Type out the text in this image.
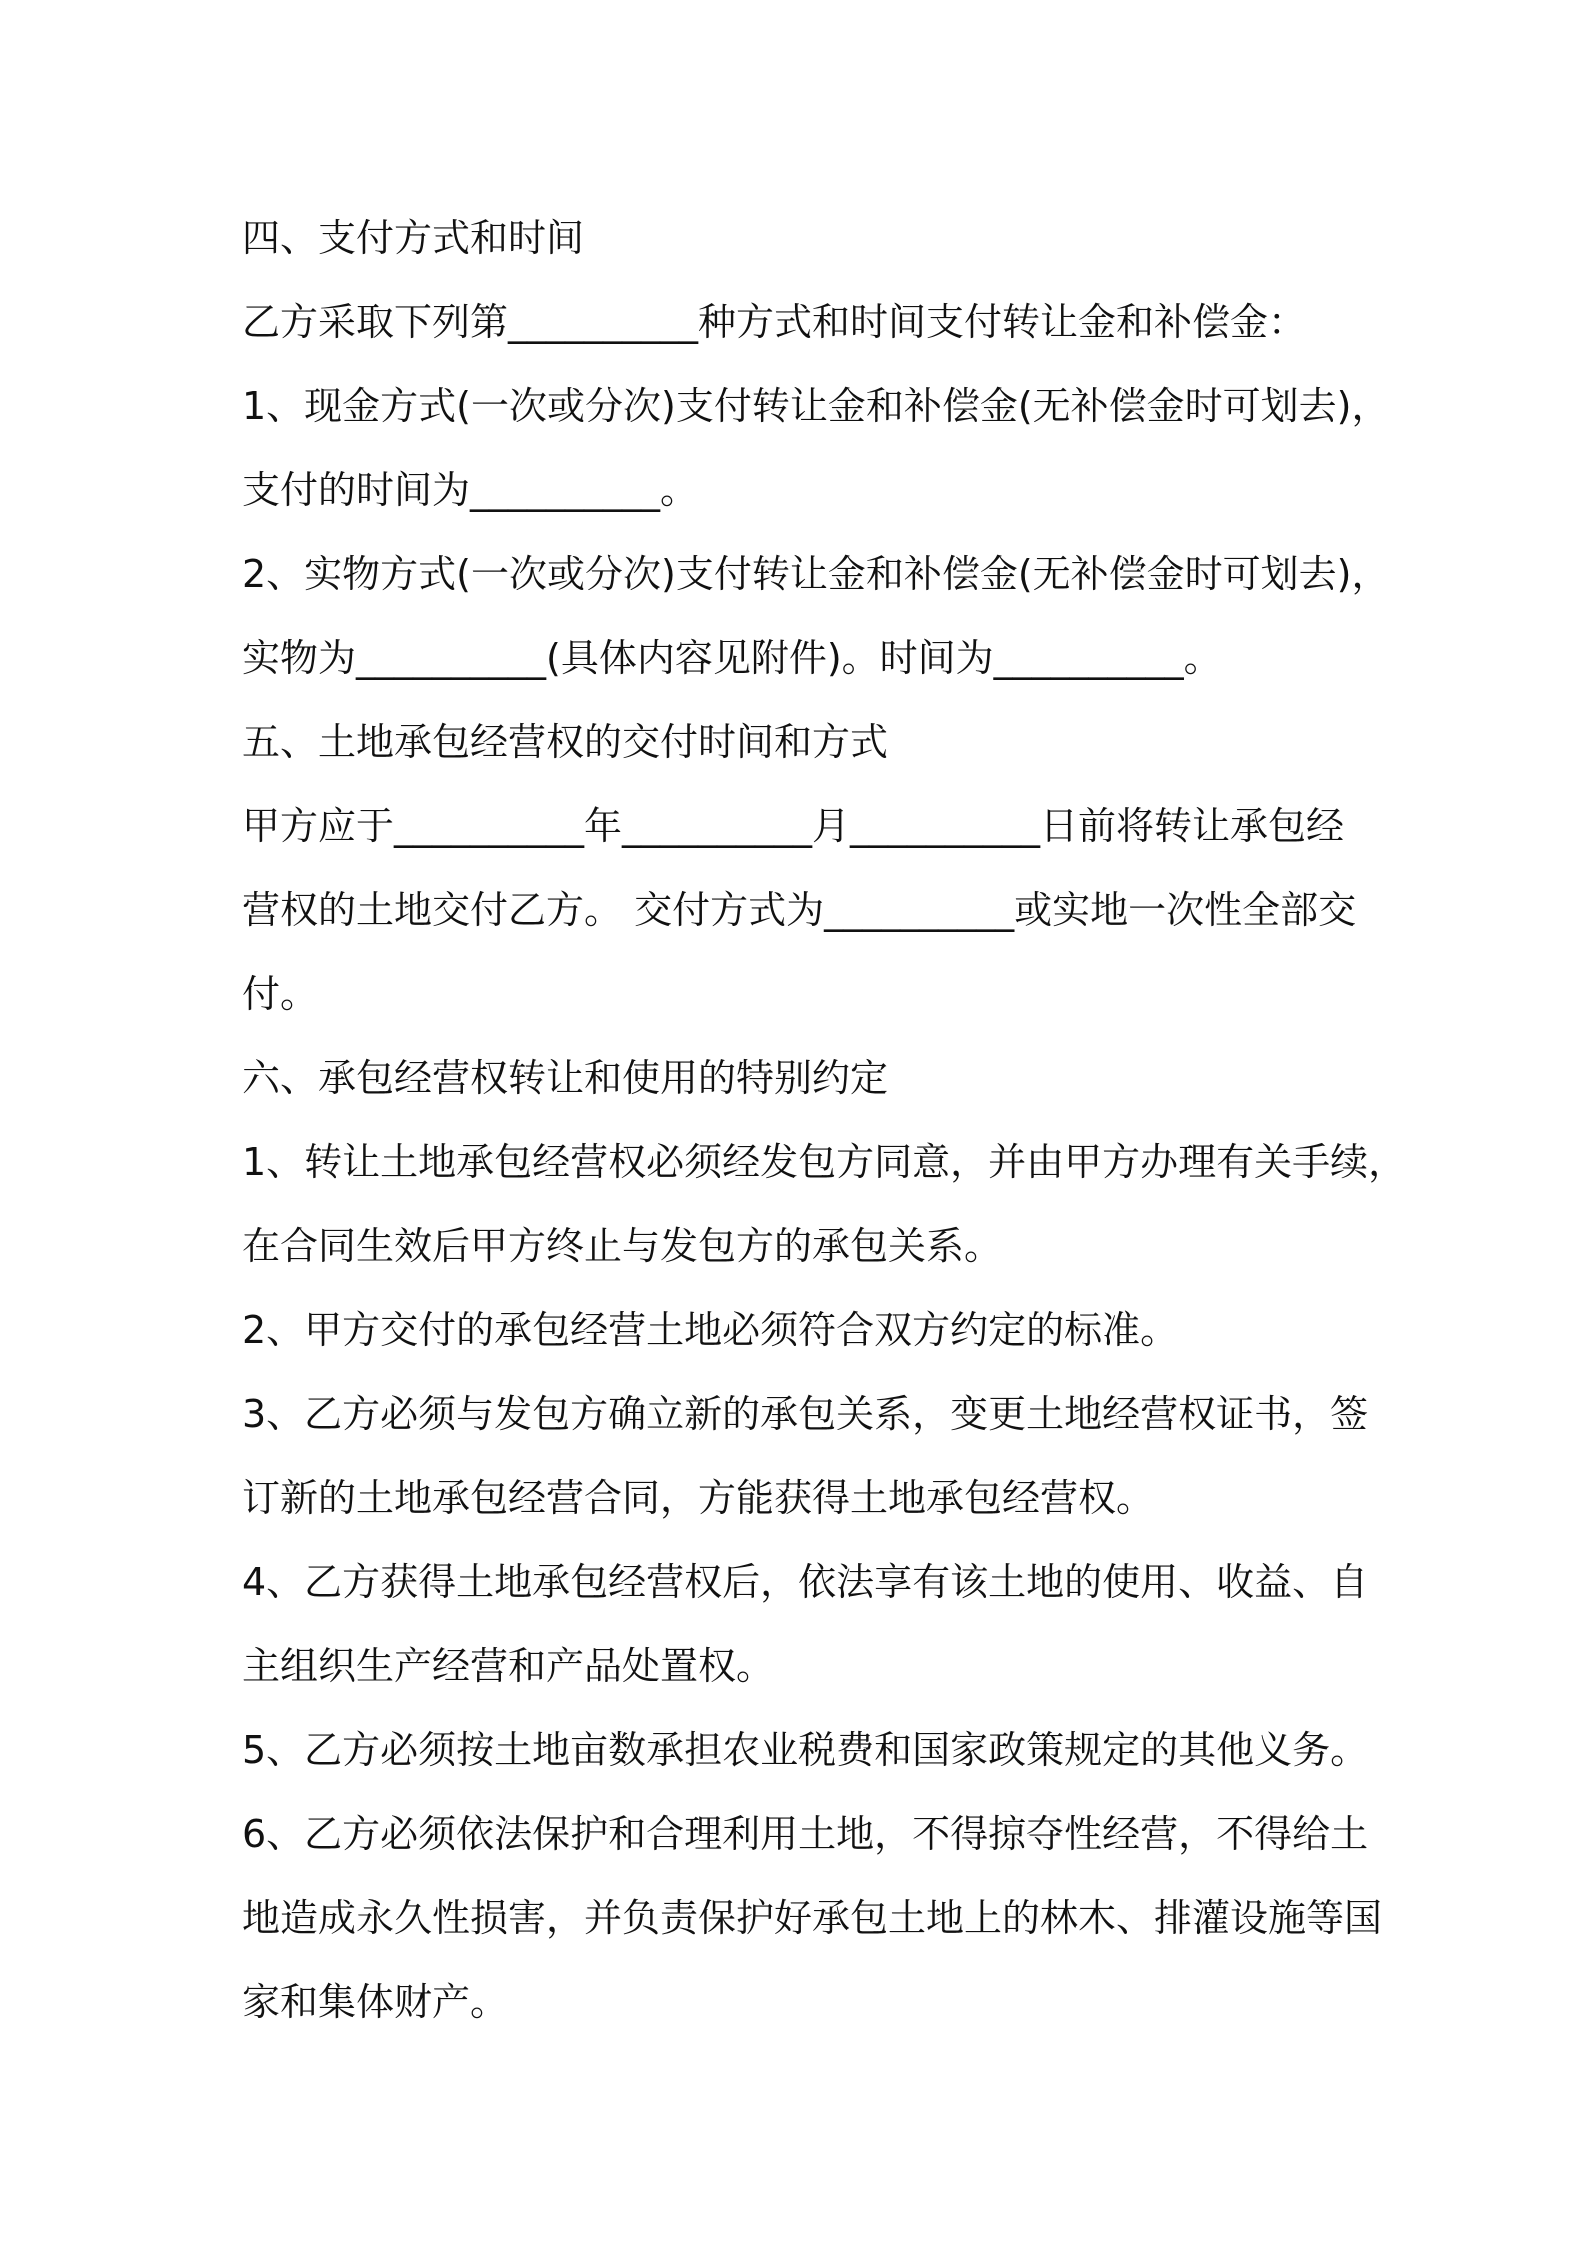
四、支付方式和时间
乙方采取下列第__________种方式和时间支付转让金和补偿金：
1、现金方式(一次或分次)支付转让金和补偿金(无补偿金时可划去)，
支付的时间为__________。
2、实物方式(一次或分次)支付转让金和补偿金(无补偿金时可划去)，
实物为__________(具体内容见附件)。时间为__________。
五、土地承包经营权的交付时间和方式
甲方应于__________年__________月__________日前将转让承包经
营权的土地交付乙方。 交付方式为__________或实地一次性全部交
付。
六、承包经营权转让和使用的特别约定
1、转让土地承包经营权必须经发包方同意，并由甲方办理有关手续，
在合同生效后甲方终止与发包方的承包关系。
2、甲方交付的承包经营土地必须符合双方约定的标准。
3、乙方必须与发包方确立新的承包关系，变更土地经营权证书，签
订新的土地承包经营合同，方能获得土地承包经营权。
4、乙方获得土地承包经营权后，依法享有该土地的使用、收益、自
主组织生产经营和产品处置权。
5、乙方必须按土地亩数承担农业税费和国家政策规定的其他义务。
6、乙方必须依法保护和合理利用土地，不得掠夺性经营，不得给土
地造成永久性损害，并负责保护好承包土地上的林木、排灌设施等国
家和集体财产。
